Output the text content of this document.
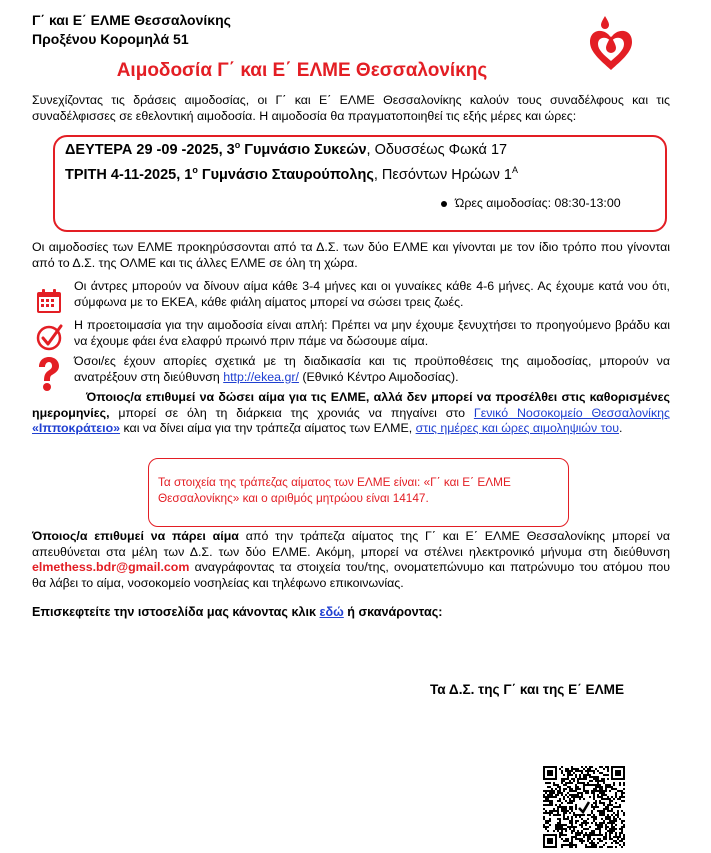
Γ΄ και Ε΄ ΕΛΜΕ Θεσσαλονίκης
Προξένου Κορομηλά 51
Αιμοδοσία Γ΄ και Ε΄ ΕΛΜΕ Θεσσαλονίκης
Συνεχίζοντας τις δράσεις αιμοδοσίας, οι Γ΄ και Ε΄ ΕΛΜΕ Θεσσαλονίκης καλούν τους συναδέλφους και τις συναδέλφισσες σε εθελοντική αιμοδοσία. Η αιμοδοσία θα πραγματοποιηθεί τις εξής μέρες και ώρες:
ΔΕΥΤΕΡΑ 29 -09 -2025, $3^o$ Γυμνάσιο Συκεών, Οδυσσέως Φωκά 17
ΤΡΙΤΗ 4-11-2025, $1^o$ Γυμνάσιο Σταυρούπολης, Πεσόντων Ηρώων $1^A$
Ώρες αιμοδοσίας: 08:30-13:00
Οι αιμοδοσίες των ΕΛΜΕ προκηρύσσονται από τα Δ.Σ. των δύο ΕΛΜΕ και γίνονται με τον ίδιο τρόπο που γίνονται από το Δ.Σ. της ΟΛΜΕ και τις άλλες ΕΛΜΕ σε όλη τη χώρα.
Οι άντρες μπορούν να δίνουν αίμα κάθε 3-4 μήνες και οι γυναίκες κάθε 4-6 μήνες. Ας έχουμε κατά νου ότι, σύμφωνα με το ΕΚΕΑ, κάθε φιάλη αίματος μπορεί να σώσει τρεις ζωές.
Η προετοιμασία για την αιμοδοσία είναι απλή: Πρέπει να μην έχουμε ξενυχτήσει το προηγούμενο βράδυ και να έχουμε φάει ένα ελαφρύ πρωινό πριν πάμε να δώσουμε αίμα.
Όσοι/ες έχουν απορίες σχετικά με τη διαδικασία και τις προϋποθέσεις της αιμοδοσίας, μπορούν να ανατρέξουν στη διεύθυνση http://ekea.gr/ (Εθνικό Κέντρο Αιμοδοσίας).
Όποιος/α επιθυμεί να δώσει αίμα για τις ΕΛΜΕ, αλλά δεν μπορεί να προσέλθει στις καθορισμένες ημερομηνίες, μπορεί σε όλη τη διάρκεια της χρονιάς να πηγαίνει στο Γενικό Νοσοκομείο Θεσσαλονίκης «Ιπποκράτειο» και να δίνει αίμα για την τράπεζα αίματος των ΕΛΜΕ, στις ημέρες και ώρες αιμοληψιών του.
Τα στοιχεία της τράπεζας αίματος των ΕΛΜΕ είναι: «Γ΄ και Ε΄ ΕΛΜΕ Θεσσαλονίκης» και ο αριθμός μητρώου είναι 14147.
Όποιος/α επιθυμεί να πάρει αίμα από την τράπεζα αίματος της Γ΄ και Ε΄ ΕΛΜΕ Θεσσαλονίκης μπορεί να απευθύνεται στα μέλη των Δ.Σ. των δύο ΕΛΜΕ. Ακόμη, μπορεί να στέλνει ηλεκτρονικό μήνυμα στη διεύθυνση elmethess.bdr@gmail.com αναγράφοντας τα στοιχεία του/της, ονοματεπώνυμο και πατρώνυμο του ατόμου που θα λάβει το αίμα, νοσοκομείο νοσηλείας και τηλέφωνο επικοινωνίας.
Επισκεφτείτε την ιστοσελίδα μας κάνοντας κλικ εδώ ή σκανάροντας:
Τα Δ.Σ. της Γ΄ και της Ε΄ ΕΛΜΕ
